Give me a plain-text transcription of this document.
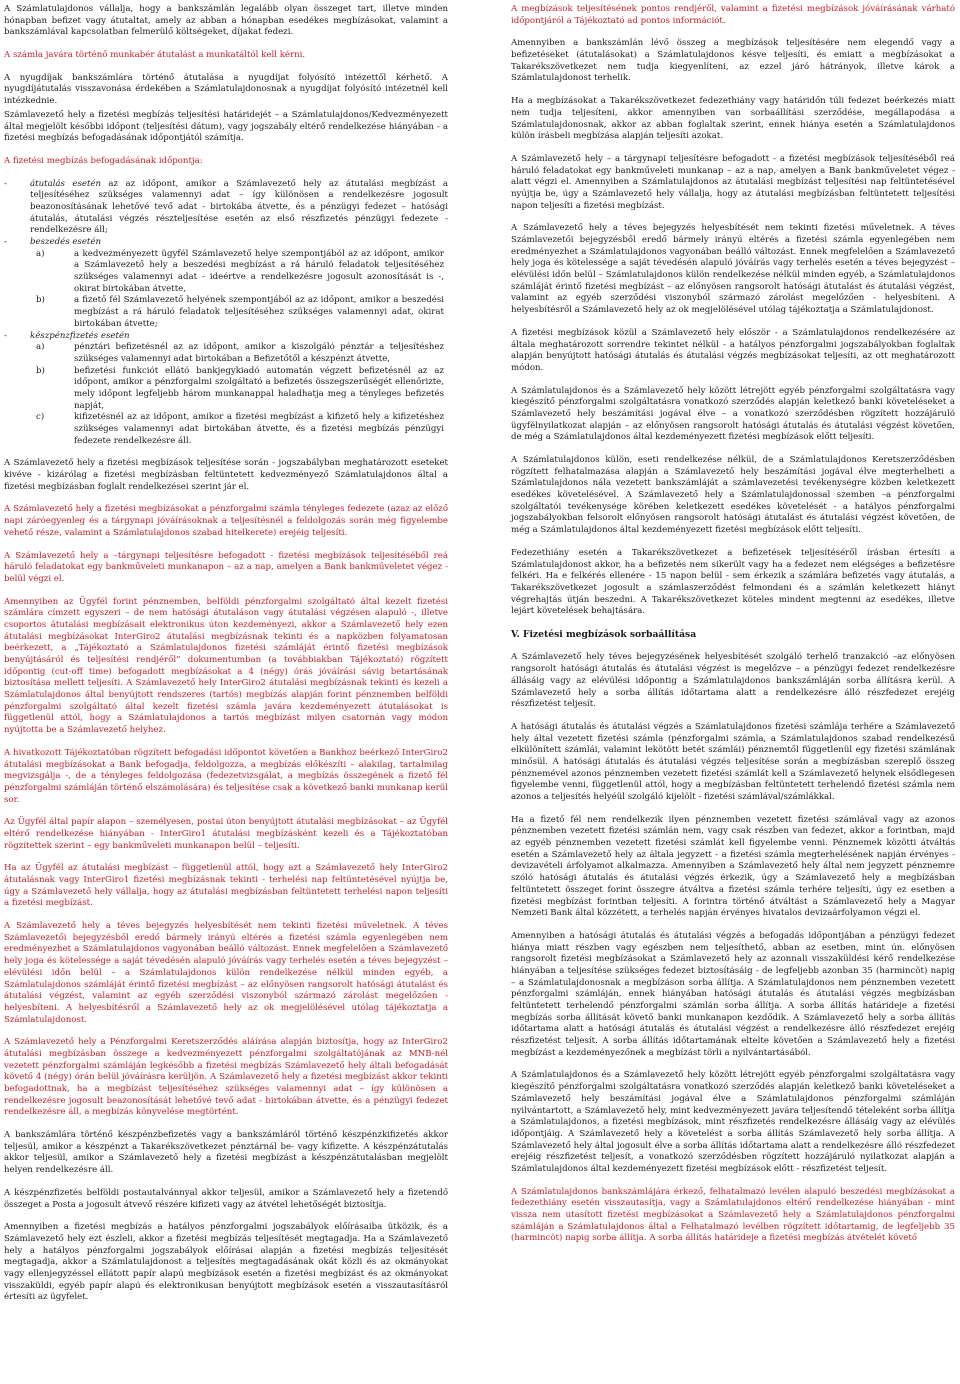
A Számlatulajdonos vállalja, hogy a bankszámlán legalább olyan összeget tart, illetve minden hónapban befizet vagy átutaltat, amely az abban a hónapban esedékes megbízásokat, valamint a bankszámlával kapcsolatban felmerülő költségeket, díjakat fedezi.

A számla javára történő munkabér átutalást a munkatáltól kell kérni.

A nyugdíjak bankszámlára történő átutalása a nyugdíjat folyósító intézettől kérhető. A nyugdíjátutalás visszavonása érdekében a Számlatulajdonosnak a nyugdíjat folyósító intézetnél kell intézkednie.

Számlavezető hely a fizetési megbízás teljesítési határidejét – a Számlatulajdonos/Kedvezményezett által megjelölt későbbi időpont (teljesítési dátum), vagy jogszabály eltérő rendelkezése hiányában - a fizetési megbízás befogadásának időpontjától számítja.

A fizetési megbízás befogadásának időpontja:

-	átutalás esetén az az időpont, amikor a Számlavezető hely az átutalási megbízást a teljesítéséhez szükséges valamennyi adat – így különösen a rendelkezésre jogosult beazonosításának lehetővé tevő adat - birtokába átvette, és a pénzügyi fedezet – hatósági átutalás, átutalási végzés részteljesítése esetén az első részfizetés pénzügyi fedezete - rendelkezésre áll;
-	beszedés esetén
a)	a kedvezményezett ügyfél Számlavezető helye szempontjából az az időpont, amikor a Számlavezető hely a beszedési megbízást a rá háruló feladatok teljesítéséhez szükséges valamennyi adat - ideértve a rendelkezésre jogosult azonosítását is -, okirat birtokában átvette,
b)	a fizető fél Számlavezető helyének szempontjából az az időpont, amikor a beszedési megbízást a rá háruló feladatok teljesítéséhez szükséges valamennyi adat, okirat birtokában átvette;
-	készpénzfizetés esetén
a)	pénztári befizetésnél az az időpont, amikor a kiszolgáló pénztár a teljesítéshez szükséges valamennyi adat birtokában a Befizetőtől a készpénzt átvette,
b)	befizetési funkciót ellátó bankjegykiadó automatán végzett befizetésnél az az időpont, amikor a pénzforgalmi szolgáltató a befizetés összegszerűségét ellenőrizte, mely időpont legfeljebb három munkanappal haladhatja meg a tényleges befizetés napját,
c)	kifizetésnél az az időpont, amikor a fizetési megbízást a kifizető hely a kifizetéshez szükséges valamennyi adat birtokában átvette, és a fizetési megbízás pénzügyi fedezete rendelkezésre áll.

A Számlavezető hely a fizetési megbízások teljesítése során - jogszabályban meghatározott eseteket kivéve - kizárólag a fizetési megbízásban feltüntetett kedvezményező Számlatulajdonos által a fizetési megbízásban foglalt rendelkezései szerint jár el.

A Számlavezető hely a fizetési megbízásokat a pénzforgalmi számla tényleges fedezete (azaz az előző napi záróegyenleg és a tárgynapi jóváírásoknak a teljesítésnél a feldolgozás során még figyelembe vehető része, valamint a Számlatulajdonos szabad hitelkerete) erejéig teljesíti.

A Számlavezető hely a –tárgynapi teljesítésre befogadott - fizetési megbízások teljesítéséből reá háruló feladatokat egy bankműveleti munkanapon – az a nap, amelyen a Bank bankműveletet végez - belül végzi el.

Amennyiben az Ügyfél forint pénznemben, belföldi pénzforgalmi szolgáltató által kezelt fizetési számlára címzett egyszeri – de nem hatósági átutaláson vagy átutalási végzésen alapuló -, illetve csoportos átutalási megbízásait elektronikus úton kezdeményezi, akkor a Számlavezető hely ezen átutalási megbízásokat InterGiro2 átutalási megbízásnak tekinti és a napközben folyamatosan beérkezett, a „Tájékoztató a Számlatulajdonos fizetési számláját érintő fizetési megbízások benyújtásáról és teljesítési rendjéről” dokumentumban (a továbbiakban Tájékoztató) rögzített időpontig (cut-off time) befogadott megbízásokat a 4 (négy) órás jóváírási sávig betartásának biztosítása mellett teljesíti. A Számlavezető hely InterGiro2 átutalási megbízásnak tekinti és kezeli a Számlatulajdonos által benyújtott rendszeres (tartós) megbízás alapján forint pénznemben belföldi pénzforgalmi szolgáltató által kezelt fizetési számla javára kezdeményezett átutalásokat is függetlenül attól, hogy a Számlatulajdonos a tartós megbízást milyen csatornán vagy módon nyújtotta be a Számlavezető helyhez.

A hivatkozott Tájékoztatóban rögzített befogadási időpontot követően a Bankhoz beérkező InterGiro2 átutalási megbízásokat a Bank befogadja, feldolgozza, a megbízás előkészíti – alakilag, tartalmilag megvizsgálja -, de a tényleges feldolgozása (fedezetvizsgálat, a megbízás összegének a fizető fél pénzforgalmi számláján történő elszámolására) és teljesítése csak a következő banki munkanap kerül sor.

Az Ügyfél által papír alapon – személyesen, postai úton benyújtott átutalási megbízásokat – az Ügyfél eltérő rendelkezése hiányában - InterGiro1 átutalási megbízásként kezeli és a Tájékoztatóban rögzítettek szerint – egy bankműveleti munkanapon belül – teljesíti.

Ha az Ügyfél az átutalási megbízást – függetlenül attól, hogy azt a Számlavezető hely InterGiro2 átutalásnak vagy InterGiro1 fizetési megbízásnak tekinti - terhelési nap feltüntetésével nyújtja be, úgy a Számlavezető hely vállalja, hogy az átutalási megbízásban feltüntetett terhelési napon teljesíti a fizetési megbízást.

A Számlavezető hely a téves bejegyzés helyesbítését nem tekinti fizetési műveletnek. A téves Számlavezetői bejegyzésből eredő bármely irányú eltérés a fizetési számla egyenlegében nem eredményezhet a Számlatulajdonos vagyonában beálló változást. Ennek megfelelően a Számlavezető hely joga és kötelessége a saját tévedésén alapuló jóváírás vagy terhelés esetén a téves bejegyzést – elévülési időn belül – a Számlatulajdonos külön rendelkezése nélkül minden egyéb, a Számlatulajdonos számláját érintő fizetési megbízást – az előnyösen rangsorolt hatósági átutalást és átutalási végzést, valamint az egyéb szerződési viszonyból származó zárolást megelőzően - helyesbíteni. A helyesbítésről a Számlavezető hely az ok megjelölésével utólag tájékoztatja a Számlatulajdonost.

A Számlavezető hely a Pénzforgalmi Keretszerződés aláírása alapján biztosítja, hogy az InterGiro2 átutalási megbízásban összege a kedvezményezett pénzforgalmi szolgáltatójának az MNB-nél vezetett pénzforgalmi számláján legkésőbb a fizetési megbízás Számlavezető hely általi befogadását követő 4 (négy) órán belül jóváírásra kerüljön. A Számlavezető hely a fizetési megbízást akkor tekinti befogadottnak, ha a megbízást teljesítéséhez szükséges valamennyi adat – így különösen a rendelkezésre jogosult beazonosítását lehetővé tevő adat - birtokában átvette, és a pénzügyi fedezet rendelkezésre áll, a megbízás könyvelése megtörtént.

A bankszámlára történő készpénzbefizetés vagy a bankszámláról történő készpénzkifizetés akkor teljesül, amikor a készpénzt a Takarékszövetkezet pénztárnál be- vagy kifizette. A készpénzátutalás akkor teljesül, amikor a Számlavezető hely a fizetési megbízást a készpénzátutalásban megjelölt helyen rendelkezésre áll.

A készpénzfizetés belföldi postautalvánnyal akkor teljesül, amikor a Számlavezető hely a fizetendő összeget a Posta a jogosult átvevő részére kifizeti vagy az átvétel lehetőségét biztosítja.

Amennyiben a fizetési megbízás a hatályos pénzforgalmi jogszabályok előírásaiba ütközik, és a Számlavezető hely ezt észleli, akkor a fizetési megbízás teljesítését megtagadja. Ha a Számlavezető hely a hatályos pénzforgalmi jogszabályok előírásai alapján a fizetési megbízás teljesítését megtagadja, akkor a Számlatulajdonost a teljesítés megtagadásának okát közli és az okmányokat vagy ellenjegyzéssel ellátott papír alapú megbízások esetén a fizetési megbízást és az okmányokat visszaküldi, egyéb papír alapú és elektronikusan benyújtott megbízások esetén a visszautasításról értesíti az ügyfelet.

A megbízások teljesítésének pontos rendjéről, valamint a fizetési megbízások jóváírásának várható időpontjáról a Tájékoztató ad pontos információt.

Amennyiben a bankszámlán lévő összeg a megbízások teljesítésére nem elegendő vagy a befizetéseket (átutalásokat) a Számlatulajdonos késve teljesíti, és emiatt a megbízásokat a Takarékszövetkezet nem tudja kiegyenlíteni, az ezzel járó hátrányok, illetve károk a Számlatulajdonost terhelik.

Ha a megbízásokat a Takarékszövetkezet fedezethiány vagy határidőn túli fedezet beérkezés miatt nem tudja teljesíteni, akkor amennyiben van sorbaállítási szerződése, megállapodása a Számlatulajdonosnak, akkor az abban foglaltak szerint, ennek hiánya esetén a Számlatulajdonos külön írásbeli megbízása alapján teljesíti azokat.

A Számlavezető hely – a tárgynapi teljesítésre befogadott - a fizetési megbízások teljesítéséből reá háruló feladatokat egy bankműveleti munkanap – az a nap, amelyen a Bank bankműveletet végez - alatt végzi el. Amennyiben a Számlatulajdonos az átutalási megbízást teljesítési nap feltüntetésével nyújtja be, úgy a Számlavezető hely vállalja, hogy az átutalási megbízásban feltüntetett teljesítési napon teljesíti a fizetési megbízást.

A Számlavezető hely a téves bejegyzés helyesbítését nem tekinti fizetési műveletnek. A téves Számlavezetői bejegyzésből eredő bármely irányú eltérés a fizetési számla egyenlegében nem eredményezhet a Számlatulajdonos vagyonában beálló változást. Ennek megfelelően a Számlavezető hely joga és kötelessége a saját tévedésén alapuló jóváírás vagy terhelés esetén a téves bejegyzést – elévülési időn belül – Számlatulajdonos külön rendelkezése nélkül minden egyéb, a Számlatulajdonos számláját érintő fizetési megbízást – az előnyösen rangsorolt hatósági átutalást és átutalási végzést, valamint az egyéb szerződési viszonyból származó zárolást megelőzően - helyesbíteni. A helyesbítésről a Számlavezető hely az ok megjelölésével utólag tájékoztatja a Számlatulajdonost.

A fizetési megbízások közül a Számlavezető hely először - a Számlatulajdonos rendelkezésére az általa meghatározott sorrendre tekintet nélkül - a hatályos pénzforgalmi jogszabályokban foglaltak alapján benyújtott hatósági átutalás és átutalási végzés megbízásokat teljesíti, az ott meghatározott módon.

A Számlatulajdonos és a Számlavezető hely között létrejött egyéb pénzforgalmi szolgáltatásra vagy kiegészítő pénzforgalmi szolgáltatásra vonatkozó szerződés alapján keletkező banki követeléseket a Számlavezető hely beszámítási jogával élve – a vonatkozó szerződésben rögzített hozzájáruló ügyfélnyilatkozat alapján – az előnyösen rangsorolt hatósági átutalás és átutalási végzést követően, de még a Számlatulajdonos által kezdeményezett fizetési megbízások előtt teljesíti.

A Számlatulajdonos külön, eseti rendelkezése nélkül, de a Számlatulajdonos Keretszerződésben rögzített felhatalmazása alapján a Számlavezető hely beszámítási jogával élve megterhelheti a Számlatulajdonos nála vezetett bankszámláját a számlavezetési tevékenységre közben keletkezett esedékes követelésével. A Számlavezető hely a Számlatulajdonossal szemben –a pénzforgalmi szolgáltatói tevékenysége körében keletkezett esedékes követelését - a hatályos pénzforgalmi jogszabályokban felsorolt előnyösen rangsorolt hatósági átutalást és átutalási végzést követően, de még a Számlatulajdonos által kezdeményezett fizetési megbízások előtt teljesíti.

Fedezethiány esetén a Takarékszövetkezet a befizetések teljesítéséről írásban értesíti a Számlatulajdonost akkor, ha a befizetés nem sikerült vagy ha a fedezet nem elégséges a befizetésre felkéri. Ha e felkérés ellenére - 15 napon belül - sem érkezik a számlára befizetés vagy átutalás, a Takarékszövetkezet jogosult a számlaszerződést felmondani és a számlán keletkezett hiányt végrehajtás útján beszedni. A Takarékszövetkezet köteles mindent megtenni az esedékes, illetve lejárt követelések behajtására.

V. Fizetési megbízások sorbaállítása

A Számlavezető hely téves bejegyzésének helyesbítését szolgáló terhelő tranzakció –az előnyösen rangsorolt hatósági átutalás és átutalási végzést is megelőzve – a pénzügyi fedezet rendelkezésre állásáig vagy az elévülési időpontig a Számlatulajdonos bankszámláján sorba állításra kerül. A Számlavezető hely a sorba állítás időtartama alatt a rendelkezésre álló részfedezet erejéig részfizetést teljesít.

A hatósági átutalás és átutalási végzés a Számlatulajdonos fizetési számlája terhére a Számlavezető hely által vezetett fizetési számla (pénzforgalmi számla, a Számlatulajdonos szabad rendelkezésű elkülönített számlái, valamint lekötött betét számlái) pénznemtől függetlenül egy fizetési számlának minősül. A hatósági átutalás és átutalási végzés teljesítése során a megbízásban szereplő összeg pénznemével azonos pénznemben vezetett fizetési számlát kell a Számlavezető helynek elsődlegesen figyelembe venni, függetlenül attól, hogy a megbízásban feltüntetett terhelendő fizetési számla nem azonos a teljesítés helyéül szolgáló kijelölt - fizetési számlával/számlákkal.

Ha a fizető fél nem rendelkezik ilyen pénznemben vezetett fizetési számlával vagy az azonos pénznemben vezetett fizetési számlán nem, vagy csak részben van fedezet, akkor a forintban, majd az egyéb pénznemben vezetett fizetési számlát kell figyelembe venni. Pénznemek közötti átváltás esetén a Számlavezető hely az általa jegyzett - a fizetési számla megterhelésének napján érvényes - devizavételi árfolyamot alkalmazza. Amennyiben a Számlavezető hely által nem jegyzett pénznemre szóló hatósági átutalás és átutalási végzés érkezik, úgy a Számlavezető hely a megbízásban feltüntetett összeget forint összegre átváltva a fizetési számla terhére teljesíti, úgy ez esetben a fizetési megbízást forintban teljesíti. A forintra történő átváltást a Számlavezető hely a Magyar Nemzeti Bank által közzétett, a terhelés napján érvényes hivatalos devizaárfolyamon végzi el.

Amennyiben a hatósági átutalás és átutalási végzés a befogadás időpontjában a pénzügyi fedezet hiánya miatt részben vagy egészben nem teljesíthető, abban az esetben, mint ún. előnyösen rangsorolt fizetési megbízásokat a Számlavezető hely az azonnali visszaküldési kérő rendelkezése hiányában a teljesítése szükséges fedezet biztosításáig - de legfeljebb azonban 35 (harmincöt) napig – a Számlatulajdonosnak a megbízáson sorba állítja. A Számlatulajdonos nem pénznemben vezetett pénzforgalmi számláján, ennek hiányában hatósági átutalás és átutalási végzés megbízásban feltüntetett terhelendő pénzforgalmi számlán sorba állítja. A sorba állítás határideje a fizetési megbízás sorba állítását követő banki munkanapon kezdődik. A Számlavezető hely a sorba állítás időtartama alatt a hatósági átutalás és átutalási végzést a rendelkezésre álló részfedezet erejéig részfizetést teljesít. A sorba állítás időtartamának eltelte követően a Számlavezető hely a fizetési megbízást a kezdeményezőnek a megbízást törli a nyilvántartásából.

A Számlatulajdonos és a Számlavezető hely között létrejött egyéb pénzforgalmi szolgáltatásra vagy kiegészítő pénzforgalmi szolgáltatásra vonatkozó szerződés alapján keletkező banki követeléseket a Számlavezető hely beszámítási jogával élve a Számlatulajdonos pénzforgalmi számláján nyilvántartott, a Számlavezető hely, mint kedvezményezett javára teljesítendő tételeként sorba állítja a Számlatulajdonos, a fizetési megbízások, mint részfizetés rendelkezésre állásáig vagy az elévülés időpontjáig. A Számlavezető hely a követelést a sorba állítás Számlavezető hely sorba állítja. A Számlavezető hely által jogosult élve a sorba állítás időtartama alatt a rendelkezésre álló részfedezet erejéig részfizetést teljesít, a vonatkozó szerződésben rögzített hozzájáruló nyilatkozat alapján a Számlatulajdonos által kezdeményezett fizetési megbízások előtt - részfizetést teljesít.

A Számlatulajdonos bankszámlájára érkező, felhatalmazó levélen alapuló beszedési megbízásokat a fedezethiány esetén visszautasítja, vagy a Számlatulajdonos eltérő rendelkezése hiányában - mint vissza nem utasított fizetési megbízásokat a Számlavezető hely a Számlatulajdonos pénzforgalmi számláján a Számlatulajdonos által a Felhatalmazó levélben rögzített időtartamig, de legfeljebb 35 (harmincöt) napig sorba állítja. A sorba állítás határideje a fizetési megbízás átvételét követő
